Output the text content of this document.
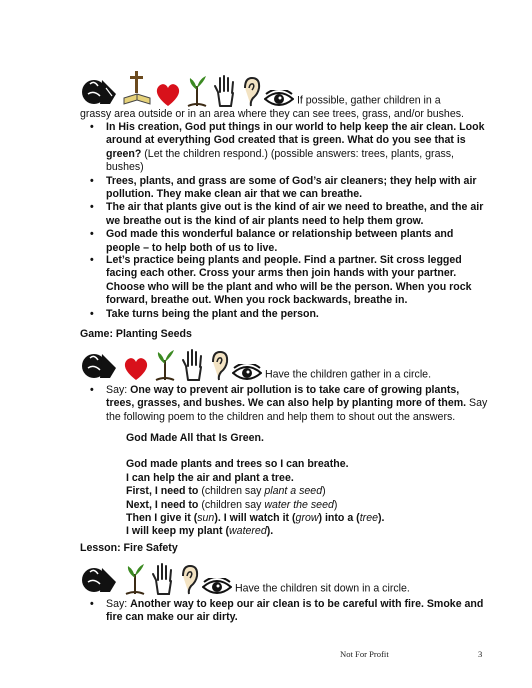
If possible, gather children in a
grassy area outside or in an area where they can see trees, grass, and/or bushes.
• In His creation, God put things in our world to help keep the air clean. Look around at everything God created that is green. What do you see that is green? (Let the children respond.) (possible answers: trees, plants, grass, bushes)
• Trees, plants, and grass are some of God’s air cleaners; they help with air pollution. They make clean air that we can breathe.
• The air that plants give out is the kind of air we need to breathe, and the air we breathe out is the kind of air plants need to help them grow.
• God made this wonderful balance or relationship between plants and people – to help both of us to live.
• Let’s practice being plants and people. Find a partner. Sit cross legged facing each other. Cross your arms then join hands with your partner. Choose who will be the plant and who will be the person. When you rock forward, breathe out. When you rock backwards, breathe in.
• Take turns being the plant and the person.
Game: Planting Seeds
Have the children gather in a circle.
• Say: One way to prevent air pollution is to take care of growing plants, trees, grasses, and bushes. We can also help by planting more of them. Say the following poem to the children and help them to shout out the answers.
God Made All that Is Green.
God made plants and trees so I can breathe.
I can help the air and plant a tree.
First, I need to (children say plant a seed)
Next, I need to (children say water the seed)
Then I give it (sun). I will watch it (grow) into a (tree).
I will keep my plant (watered).
Lesson: Fire Safety
Have the children sit down in a circle.
• Say: Another way to keep our air clean is to be careful with fire. Smoke and fire can make our air dirty.
Not For Profit	3
